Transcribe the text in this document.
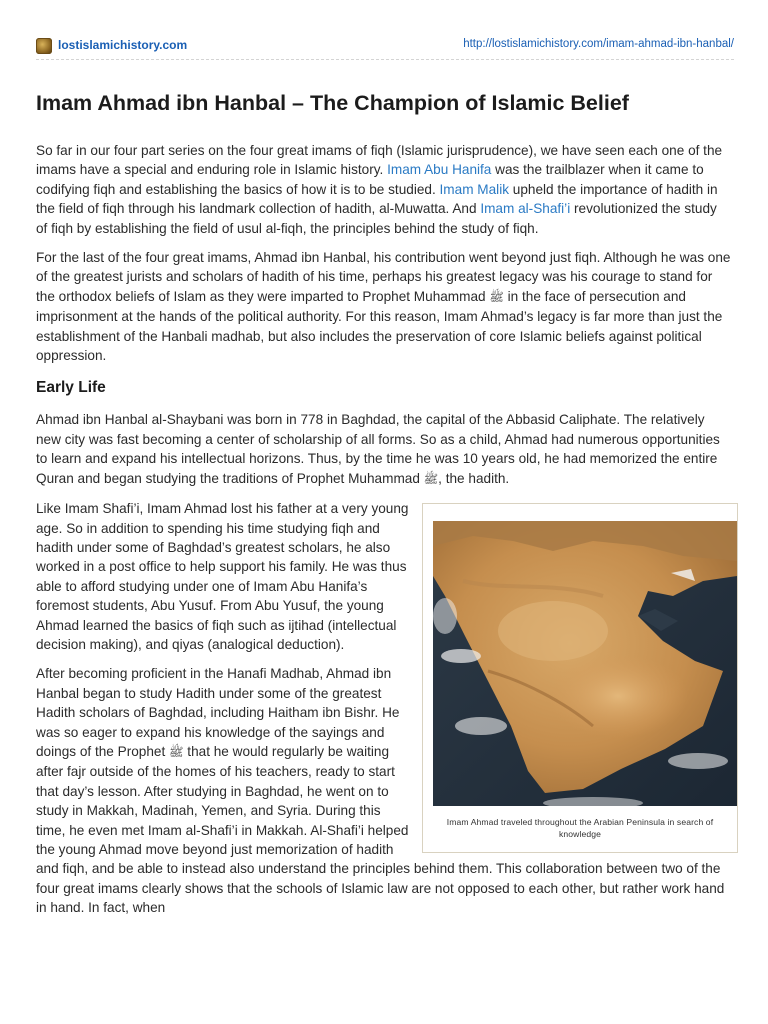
lostislamichistory.com	http://lostislamichistory.com/imam-ahmad-ibn-hanbal/
Imam Ahmad ibn Hanbal – The Champion of Islamic Belief

So far in our four part series on the four great imams of fiqh (Islamic jurisprudence), we have seen each one of the imams have a special and enduring role in Islamic history. Imam Abu Hanifa was the trailblazer when it came to codifying fiqh and establishing the basics of how it is to be studied. Imam Malik upheld the importance of hadith in the field of fiqh through his landmark collection of hadith, al-Muwatta. And Imam al-Shafi’i revolutionized the study of fiqh by establishing the field of usul al-fiqh, the principles behind the study of fiqh.

For the last of the four great imams, Ahmad ibn Hanbal, his contribution went beyond just fiqh. Although he was one of the greatest jurists and scholars of hadith of his time, perhaps his greatest legacy was his courage to stand for the orthodox beliefs of Islam as they were imparted to Prophet Muhammad ﷺ in the face of persecution and imprisonment at the hands of the political authority. For this reason, Imam Ahmad’s legacy is far more than just the establishment of the Hanbali madhab, but also includes the preservation of core Islamic beliefs against political oppression.

Early Life

Ahmad ibn Hanbal al-Shaybani was born in 778 in Baghdad, the capital of the Abbasid Caliphate. The relatively new city was fast becoming a center of scholarship of all forms. So as a child, Ahmad had numerous opportunities to learn and expand his intellectual horizons. Thus, by the time he was 10 years old, he had memorized the entire Quran and began studying the traditions of Prophet Muhammad ﷺ, the hadith.

Imam Ahmad traveled throughout the Arabian Peninsula in search of knowledge

Like Imam Shafi’i, Imam Ahmad lost his father at a very young age. So in addition to spending his time studying fiqh and hadith under some of Baghdad’s greatest scholars, he also worked in a post office to help support his family. He was thus able to afford studying under one of Imam Abu Hanifa’s foremost students, Abu Yusuf. From Abu Yusuf, the young Ahmad learned the basics of fiqh such as ijtihad (intellectual decision making), and qiyas (analogical deduction).

After becoming proficient in the Hanafi Madhab, Ahmad ibn Hanbal began to study Hadith under some of the greatest Hadith scholars of Baghdad, including Haitham ibn Bishr. He was so eager to expand his knowledge of the sayings and doings of the Prophet ﷺ that he would regularly be waiting after fajr outside of the homes of his teachers, ready to start that day’s lesson. After studying in Baghdad, he went on to study in Makkah, Madinah, Yemen, and Syria. During this time, he even met Imam al-Shafi’i in Makkah. Al-Shafi’i helped the young Ahmad move beyond just memorization of hadith and fiqh, and be able to instead also understand the principles behind them. This collaboration between two of the four great imams clearly shows that the schools of Islamic law are not opposed to each other, but rather work hand in hand. In fact, when
